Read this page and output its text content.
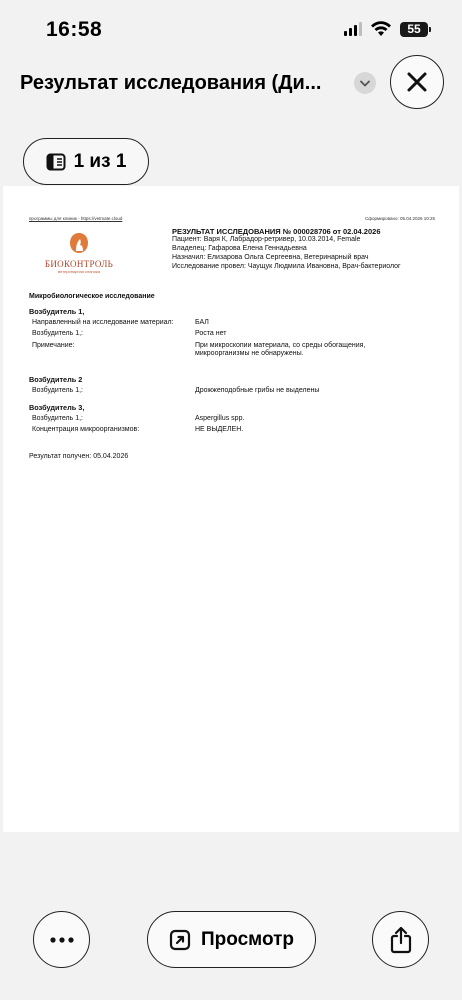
16:58	55
Результат исследования (Ди...
1 из 1
программы для клиник - https://vetmate.cloud	Сформировано: 05.04.2026 10:25
БИОКОНТРОЛЬ
ветеринарная клиника
РЕЗУЛЬТАТ ИССЛЕДОВАНИЯ № 000028706 от 02.04.2026
Пациент: Варя К, Лабрадор-ретривер, 10.03.2014, Female
Владелец: Гафарова Елена Геннадьевна
Назначил: Елизарова Ольга Сергеевна, Ветеринарный врач
Исследование провел: Чаущук Людмила Ивановна, Врач-бактериолог
Микробиологическое исследование
Возбудитель 1,
Направленный на исследование материал:	БАЛ
Возбудитель 1,:	Роста нет
Примечание:	При микроскопии материала, со среды обогащения, микроорганизмы не обнаружены.
Возбудитель 2
Возбудитель 1,:	Дрожжеподобные грибы не выделены
Возбудитель 3,
Возбудитель 1,:	Aspergillus spp.
Концентрация микроорганизмов:	НЕ ВЫДЕЛЕН.
Результат получен: 05.04.2026
Просмотр
